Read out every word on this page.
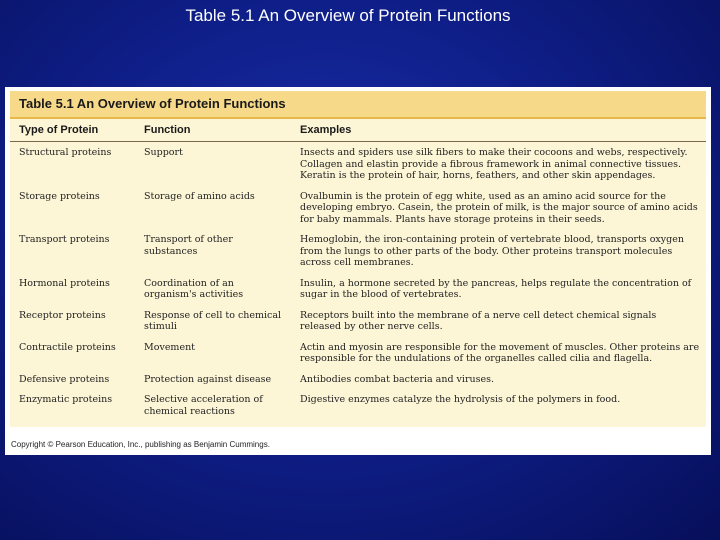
Table 5.1 An Overview of Protein Functions
Table 5.1 An Overview of Protein Functions
Type of Protein	Function	Examples
Structural proteins	Support	Insects and spiders use silk fibers to make their cocoons and webs, respectively. Collagen and elastin provide a fibrous framework in animal connective tissues. Keratin is the protein of hair, horns, feathers, and other skin appendages.
Storage proteins	Storage of amino acids	Ovalbumin is the protein of egg white, used as an amino acid source for the developing embryo. Casein, the protein of milk, is the major source of amino acids for baby mammals. Plants have storage proteins in their seeds.
Transport proteins	Transport of other substances	Hemoglobin, the iron-containing protein of vertebrate blood, transports oxygen from the lungs to other parts of the body. Other proteins transport molecules across cell membranes.
Hormonal proteins	Coordination of an organism's activities	Insulin, a hormone secreted by the pancreas, helps regulate the concentration of sugar in the blood of vertebrates.
Receptor proteins	Response of cell to chemical stimuli	Receptors built into the membrane of a nerve cell detect chemical signals released by other nerve cells.
Contractile proteins	Movement	Actin and myosin are responsible for the movement of muscles. Other proteins are responsible for the undulations of the organelles called cilia and flagella.
Defensive proteins	Protection against disease	Antibodies combat bacteria and viruses.
Enzymatic proteins	Selective acceleration of chemical reactions	Digestive enzymes catalyze the hydrolysis of the polymers in food.
Copyright © Pearson Education, Inc., publishing as Benjamin Cummings.
